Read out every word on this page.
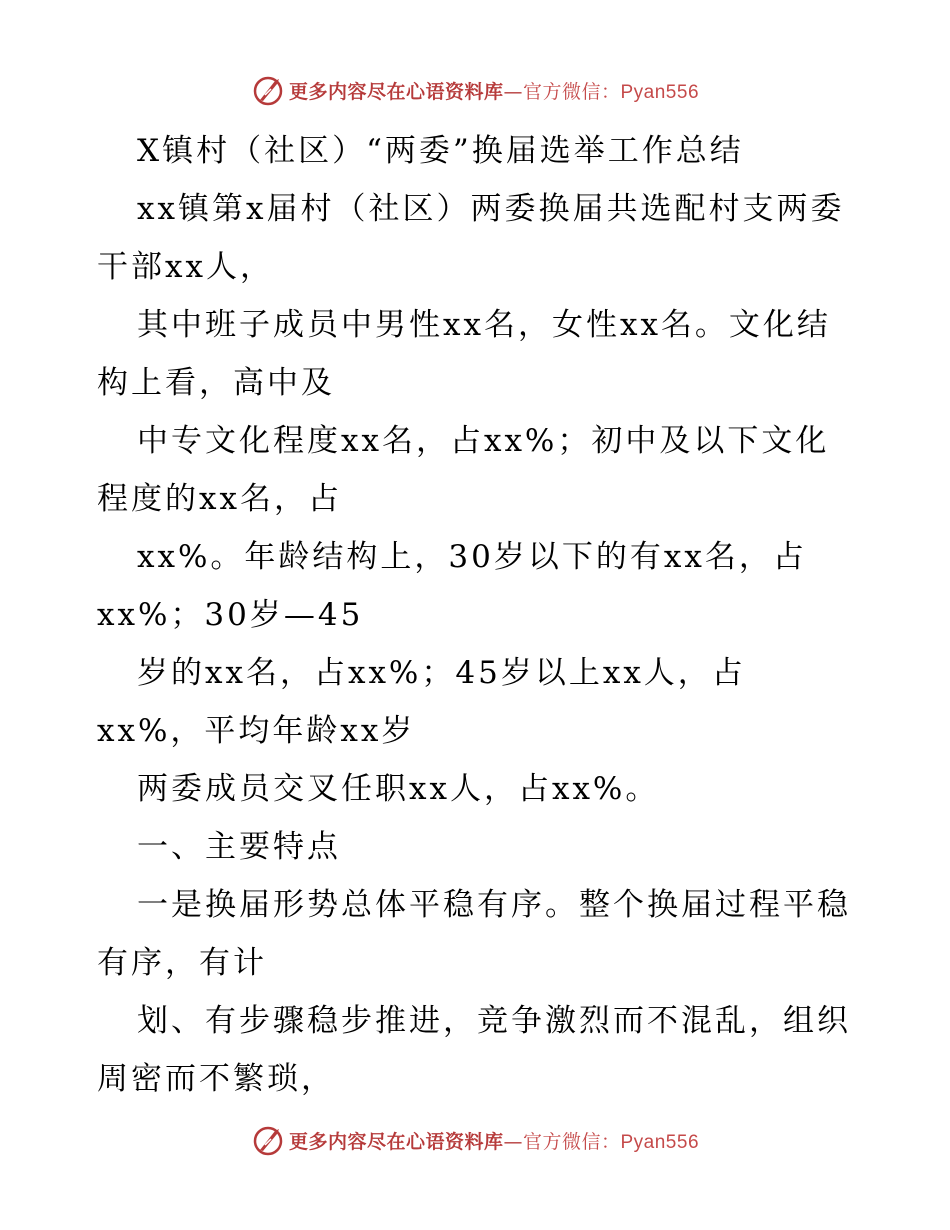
更多内容尽在心语资料库—官方微信：Pyan556
X镇村（社区）“两委”换届选举工作总结
xx镇第x届村（社区）两委换届共选配村支两委
干部xx人，
其中班子成员中男性xx名，女性xx名。文化结
构上看，高中及
中专文化程度xx名，占xx%；初中及以下文化
程度的xx名，占
xx%。年龄结构上，30岁以下的有xx名，占
xx%；30岁—45
岁的xx名，占xx%；45岁以上xx人，占
xx%，平均年龄xx岁
两委成员交叉任职xx人，占xx%。
一、主要特点
一是换届形势总体平稳有序。整个换届过程平稳
有序，有计
划、有步骤稳步推进，竞争激烈而不混乱，组织
周密而不繁琐，
更多内容尽在心语资料库—官方微信：Pyan556
